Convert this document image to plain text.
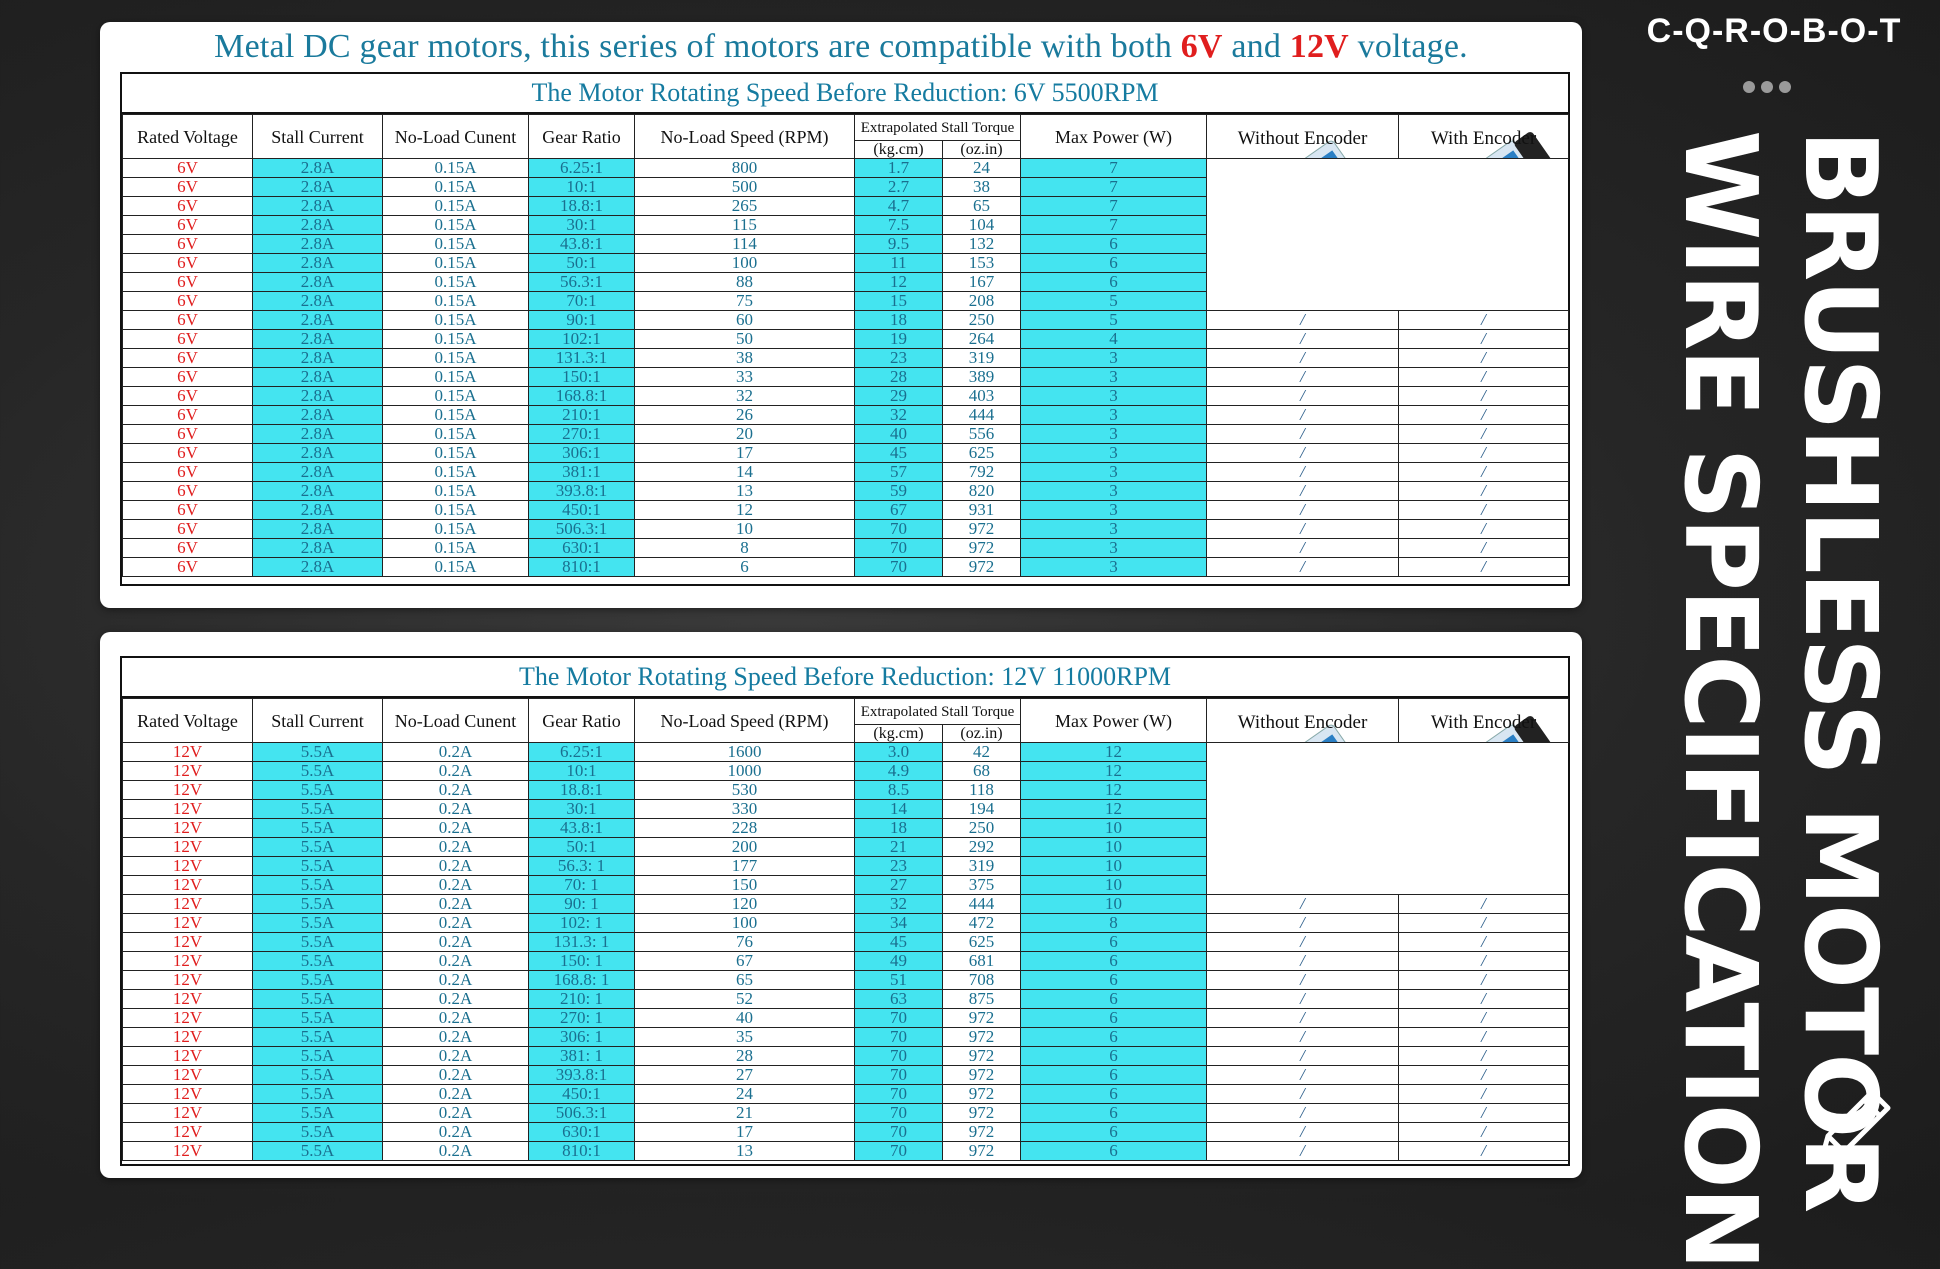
Metal DC gear motors, this series of motors are compatible with both 6V and 12V voltage.
The Motor Rotating Speed Before Reduction: 6V 5500RPM
Rated Voltage	Stall Current	No-Load Cunent	Gear Ratio	No-Load Speed (RPM)	Extrapolated Stall Torque		Max Power (W)	Without Encoder	With Encoder

					(kg.cm)	(oz.in)			
6V	2.8A	0.15A	6.25:1	800	1.7	24	7		
6V	2.8A	0.15A	10:1	500	2.7	38	7		
6V	2.8A	0.15A	18.8:1	265	4.7	65	7		
6V	2.8A	0.15A	30:1	115	7.5	104	7		
6V	2.8A	0.15A	43.8:1	114	9.5	132	6		
6V	2.8A	0.15A	50:1	100	11	153	6		
6V	2.8A	0.15A	56.3:1	88	12	167	6		
6V	2.8A	0.15A	70:1	75	15	208	5		
6V	2.8A	0.15A	90:1	60	18	250	5	/	/
6V	2.8A	0.15A	102:1	50	19	264	4	/	/
6V	2.8A	0.15A	131.3:1	38	23	319	3	/	/
6V	2.8A	0.15A	150:1	33	28	389	3	/	/
6V	2.8A	0.15A	168.8:1	32	29	403	3	/	/
6V	2.8A	0.15A	210:1	26	32	444	3	/	/
6V	2.8A	0.15A	270:1	20	40	556	3	/	/
6V	2.8A	0.15A	306:1	17	45	625	3	/	/
6V	2.8A	0.15A	381:1	14	57	792	3	/	/
6V	2.8A	0.15A	393.8:1	13	59	820	3	/	/
6V	2.8A	0.15A	450:1	12	67	931	3	/	/
6V	2.8A	0.15A	506.3:1	10	70	972	3	/	/
6V	2.8A	0.15A	630:1	8	70	972	3	/	/
6V	2.8A	0.15A	810:1	6	70	972	3	/	/
The Motor Rotating Speed Before Reduction: 12V 11000RPM
Rated Voltage	Stall Current	No-Load Cunent	Gear Ratio	No-Load Speed (RPM)	Extrapolated Stall Torque		Max Power (W)	Without Encoder	With Encoder

					(kg.cm)	(oz.in)			
12V	5.5A	0.2A	6.25:1	1600	3.0	42	12		
12V	5.5A	0.2A	10:1	1000	4.9	68	12		
12V	5.5A	0.2A	18.8:1	530	8.5	118	12		
12V	5.5A	0.2A	30:1	330	14	194	12		
12V	5.5A	0.2A	43.8:1	228	18	250	10		
12V	5.5A	0.2A	50:1	200	21	292	10		
12V	5.5A	0.2A	56.3: 1	177	23	319	10		
12V	5.5A	0.2A	70: 1	150	27	375	10		
12V	5.5A	0.2A	90: 1	120	32	444	10	/	/
12V	5.5A	0.2A	102: 1	100	34	472	8	/	/
12V	5.5A	0.2A	131.3: 1	76	45	625	6	/	/
12V	5.5A	0.2A	150: 1	67	49	681	6	/	/
12V	5.5A	0.2A	168.8: 1	65	51	708	6	/	/
12V	5.5A	0.2A	210: 1	52	63	875	6	/	/
12V	5.5A	0.2A	270: 1	40	70	972	6	/	/
12V	5.5A	0.2A	306: 1	35	70	972	6	/	/
12V	5.5A	0.2A	381: 1	28	70	972	6	/	/
12V	5.5A	0.2A	393.8:1	27	70	972	6	/	/
12V	5.5A	0.2A	450:1	24	70	972	6	/	/
12V	5.5A	0.2A	506.3:1	21	70	972	6	/	/
12V	5.5A	0.2A	630:1	17	70	972	6	/	/
12V	5.5A	0.2A	810:1	13	70	972	6	/	/
C-Q-R-O-B-O-T
BRUSHLESS MOTOR
WIRE SPECIFICATION
